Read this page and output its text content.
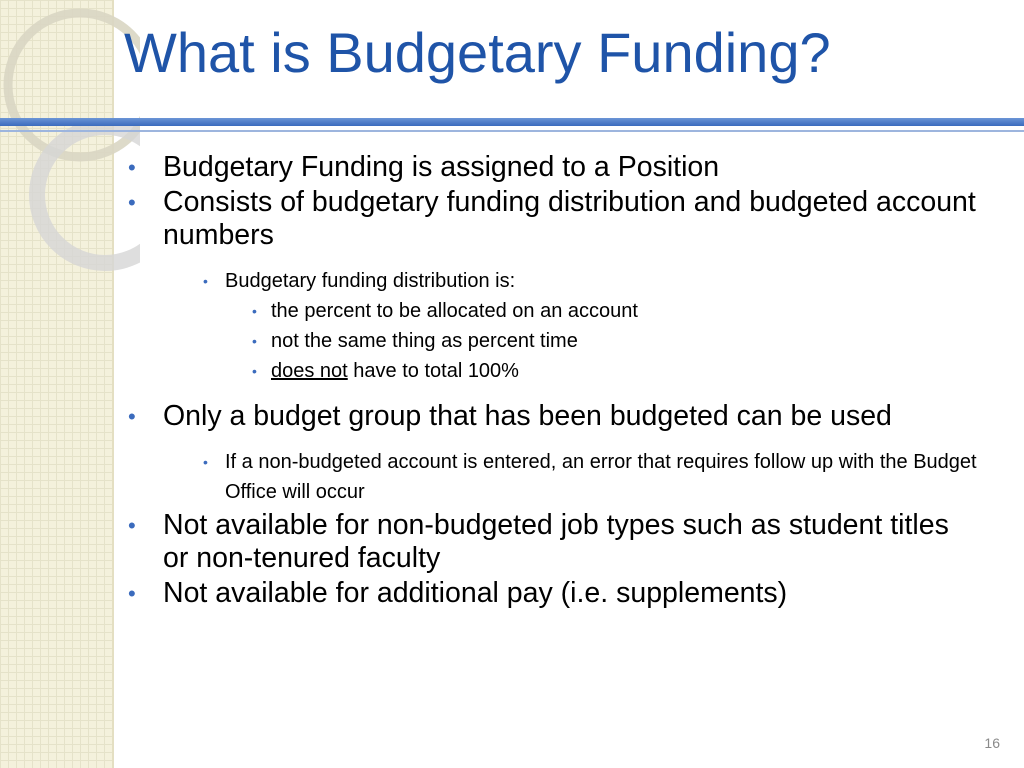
What is Budgetary Funding?
• Budgetary Funding is assigned to a Position
• Consists of budgetary funding distribution and budgeted account numbers
• Budgetary funding distribution is:
• the percent to be allocated on an account
• not the same thing as percent time
• does not have to total 100%
• Only a budget group that has been budgeted can be used
• If a non-budgeted account is entered, an error that requires follow up with the Budget Office will occur
• Not available for non-budgeted job types such as student titles or non-tenured faculty
• Not available for additional pay (i.e. supplements)
16
